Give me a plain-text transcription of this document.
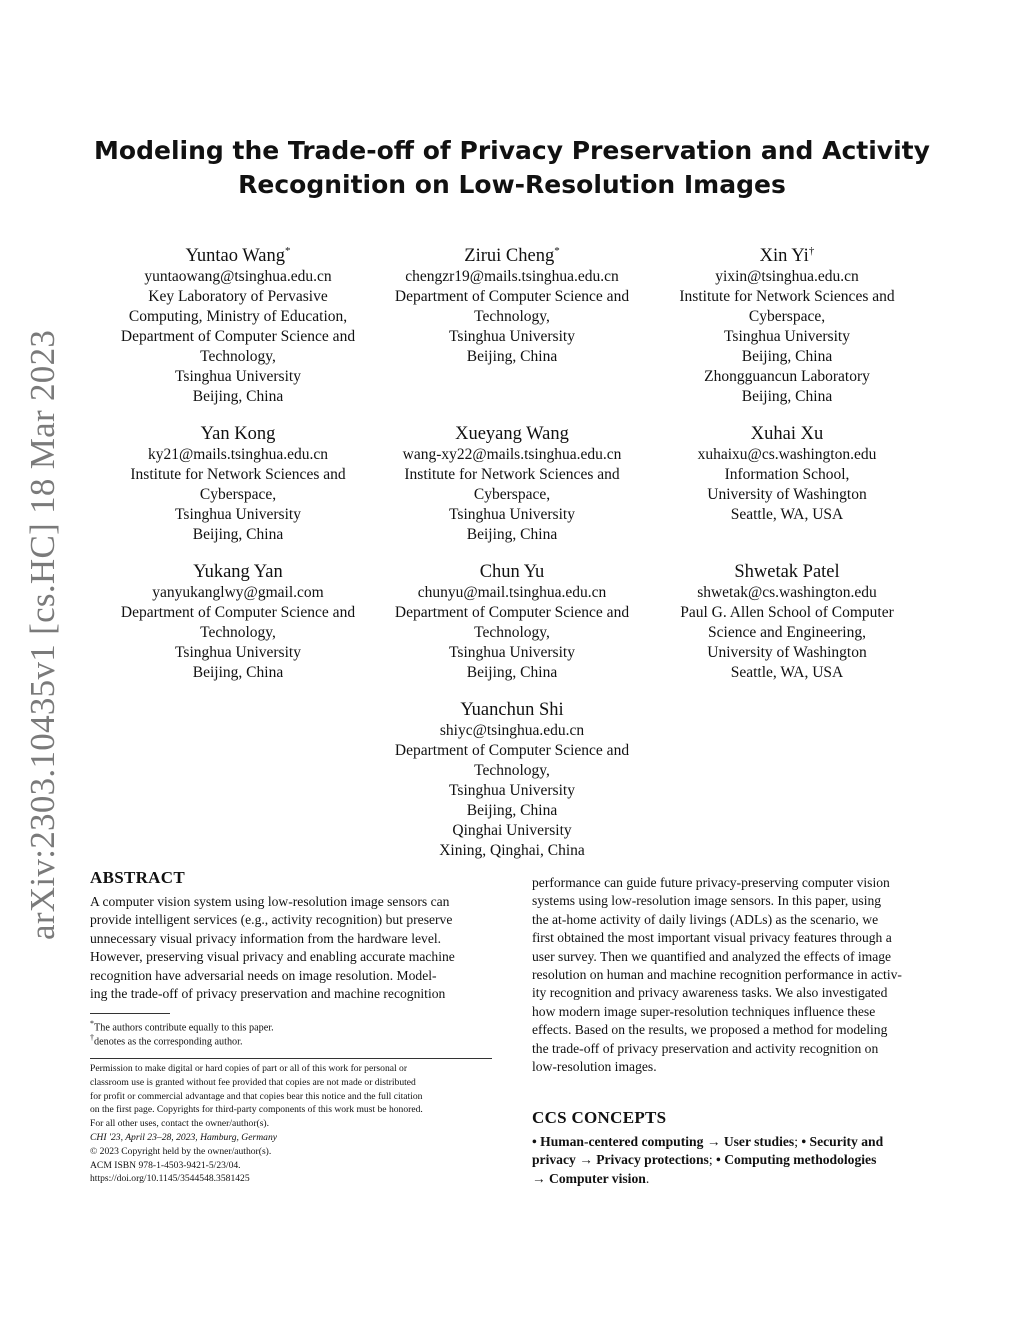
arXiv:2303.10435v1 [cs.HC] 18 Mar 2023
Modeling the Trade-off of Privacy Preservation and Activity
Recognition on Low-Resolution Images
Yuntao Wang*
yuntaowang@tsinghua.edu.cn
Key Laboratory of Pervasive
Computing, Ministry of Education,
Department of Computer Science and
Technology,
Tsinghua University
Beijing, China
Zirui Cheng*
chengzr19@mails.tsinghua.edu.cn
Department of Computer Science and
Technology,
Tsinghua University
Beijing, China
Xin Yi†
yixin@tsinghua.edu.cn
Institute for Network Sciences and
Cyberspace,
Tsinghua University
Beijing, China
Zhongguancun Laboratory
Beijing, China
Yan Kong
ky21@mails.tsinghua.edu.cn
Institute for Network Sciences and
Cyberspace,
Tsinghua University
Beijing, China
Xueyang Wang
wang-xy22@mails.tsinghua.edu.cn
Institute for Network Sciences and
Cyberspace,
Tsinghua University
Beijing, China
Xuhai Xu
xuhaixu@cs.washington.edu
Information School,
University of Washington
Seattle, WA, USA
Yukang Yan
yanyukanglwy@gmail.com
Department of Computer Science and
Technology,
Tsinghua University
Beijing, China
Chun Yu
chunyu@mail.tsinghua.edu.cn
Department of Computer Science and
Technology,
Tsinghua University
Beijing, China
Shwetak Patel
shwetak@cs.washington.edu
Paul G. Allen School of Computer
Science and Engineering,
University of Washington
Seattle, WA, USA
Yuanchun Shi
shiyc@tsinghua.edu.cn
Department of Computer Science and
Technology,
Tsinghua University
Beijing, China
Qinghai University
Xining, Qinghai, China
ABSTRACT

A computer vision system using low-resolution image sensors can
provide intelligent services (e.g., activity recognition) but preserve
unnecessary visual privacy information from the hardware level.
However, preserving visual privacy and enabling accurate machine
recognition have adversarial needs on image resolution. Model-
ing the trade-off of privacy preservation and machine recognition

performance can guide future privacy-preserving computer vision
systems using low-resolution image sensors. In this paper, using
the at-home activity of daily livings (ADLs) as the scenario, we
first obtained the most important visual privacy features through a
user survey. Then we quantified and analyzed the effects of image
resolution on human and machine recognition performance in activ-
ity recognition and privacy awareness tasks. We also investigated
how modern image super-resolution techniques influence these
effects. Based on the results, we proposed a method for modeling
the trade-off of privacy preservation and activity recognition on
low-resolution images.

*The authors contribute equally to this paper.
†denotes as the corresponding author.
Permission to make digital or hard copies of part or all of this work for personal or
classroom use is granted without fee provided that copies are not made or distributed
for profit or commercial advantage and that copies bear this notice and the full citation
on the first page. Copyrights for third-party components of this work must be honored.
For all other uses, contact the owner/author(s).
CHI '23, April 23–28, 2023, Hamburg, Germany
© 2023 Copyright held by the owner/author(s).
ACM ISBN 978-1-4503-9421-5/23/04.
https://doi.org/10.1145/3544548.3581425
CCS CONCEPTS
• Human-centered computing → User studies; • Security and
privacy → Privacy protections; • Computing methodologies
→ Computer vision.
